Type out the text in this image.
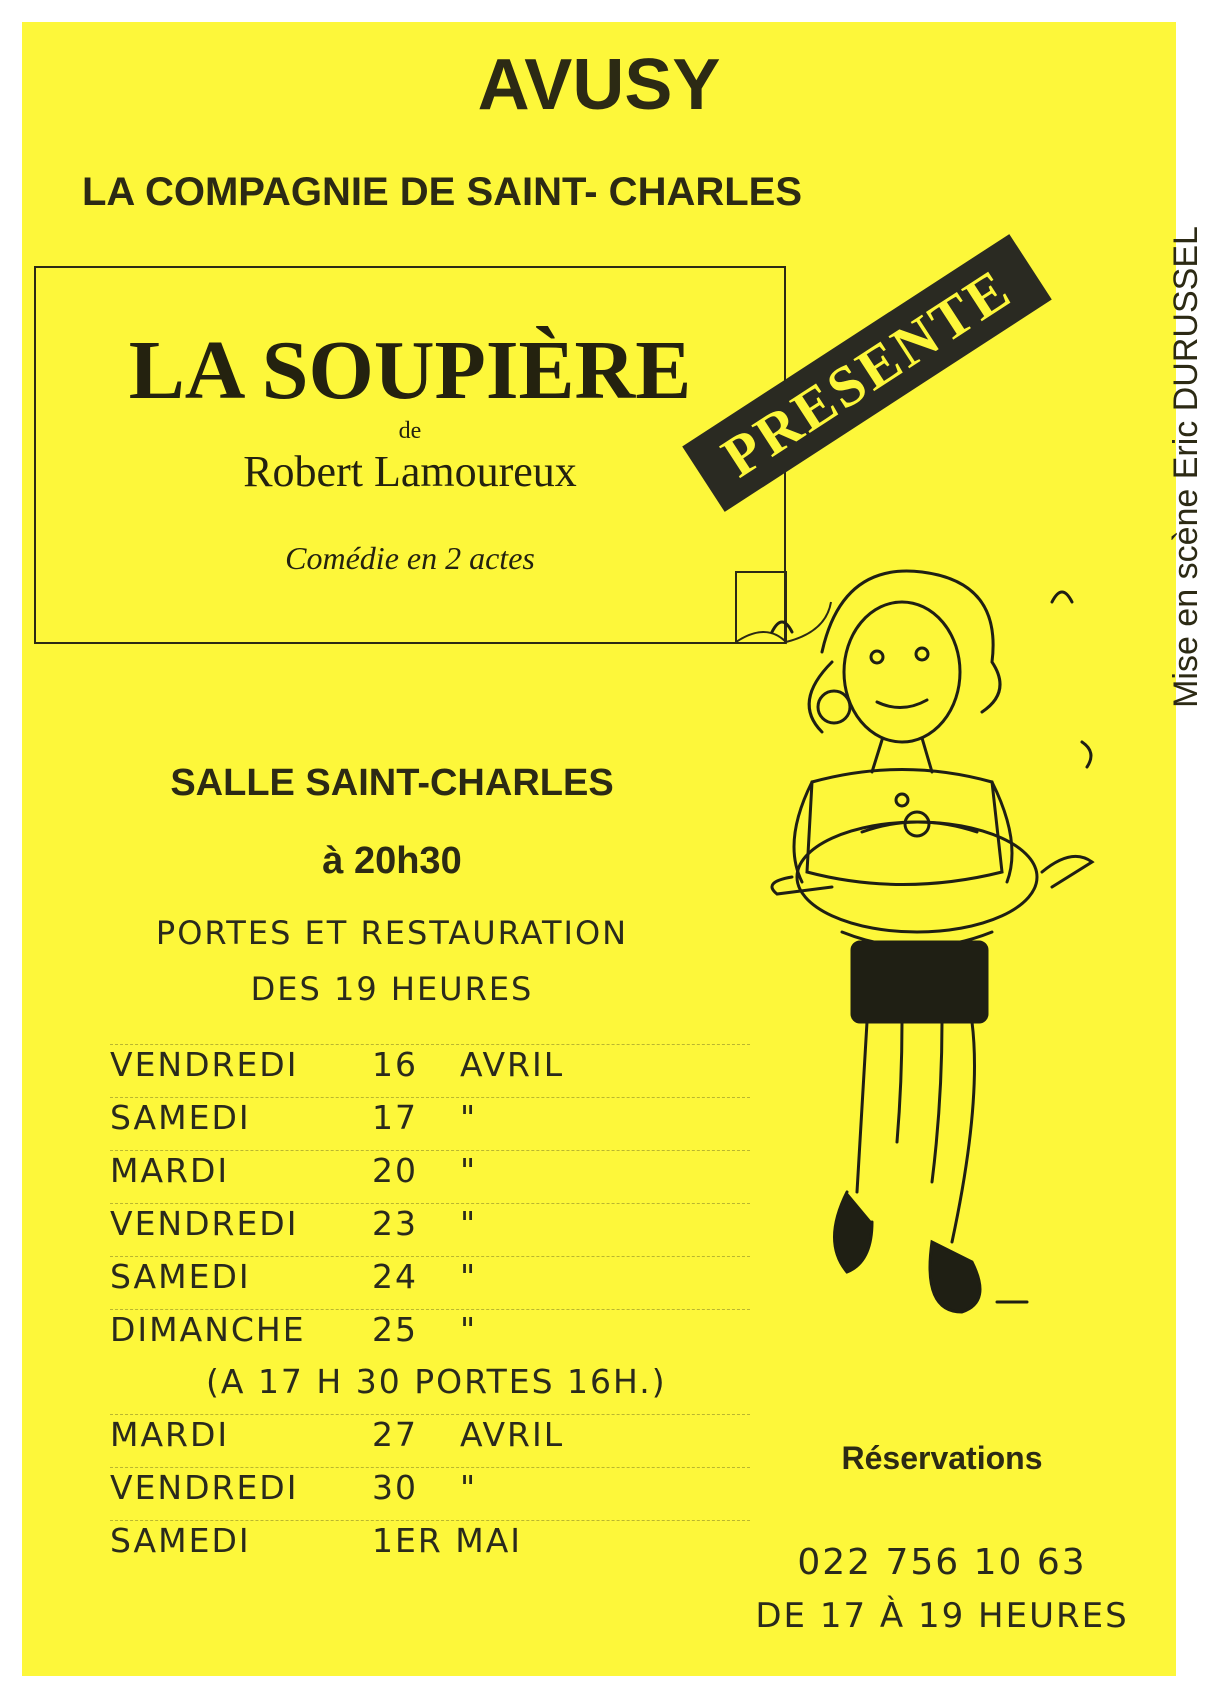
AVUSY
LA COMPAGNIE DE SAINT- CHARLES
LA SOUPIÈRE
de
Robert Lamoureux
Comédie en 2 actes
PRESENTE	Mise en scène Eric DURUSSEL
SALLE SAINT-CHARLES
à 20h30
PORTES ET RESTAURATION
DES 19 HEURES
VENDREDI 16 AVRIL
SAMEDI	17 "
MARDI	20 "
VENDREDI 23 "
SAMEDI	24 "
DIMANCHE 25 "
(A 17 H 30 PORTES 16H.)
MARDI	27 AVRIL
VENDREDI 30 "
SAMEDI	1ER MAI
Réservations
022 756 10 63
DE 17 À 19 HEURES
